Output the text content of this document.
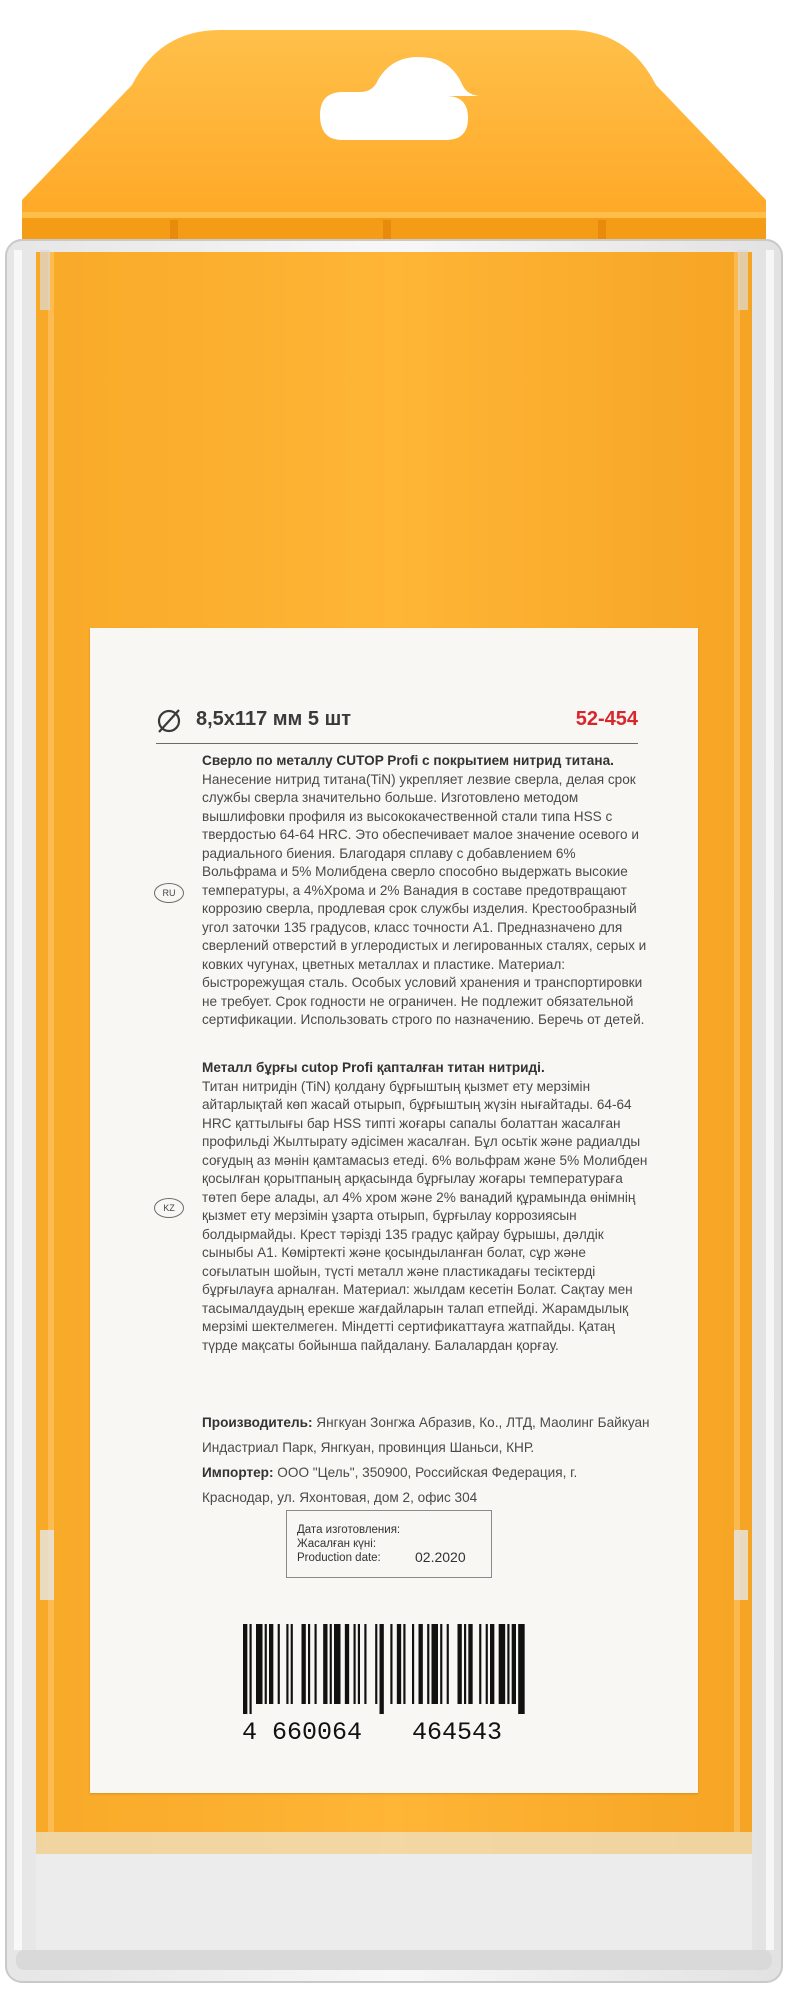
8,5x117 мм 5 шт	52-454
RU

Сверло по металлу CUTOP Profi с покрытием нитрид титана.
Нанесение нитрид титана(TiN) укрепляет лезвие сверла, делая срок службы сверла значительно больше. Изготовлено методом вышлифовки профиля из высококачественной стали типа HSS с твердостью 64-64 HRC. Это обеспечивает малое значение осевого и радиального биения. Благодаря сплаву с добавлением 6% Вольфрама и 5% Молибдена сверло способно выдержать высокие температуры, а 4%Хрома и 2% Ванадия в составе предотвращают коррозию сверла, продлевая срок службы изделия. Крестообразный угол заточки 135 градусов, класс точности А1. Предназначено для сверлений отверстий в углеродистых и легированных сталях, серых и ковких чугунах, цветных металлах и пластике. Материал: быстрорежущая сталь. Особых условий хранения и транспортировки не требует. Срок годности не ограничен. Не подлежит обязательной сертификации. Использовать строго по назначению. Беречь от детей.

KZ

Металл бұрғы cutop Profi қапталған титан нитриді.
Титан нитридін (TiN) қолдану бұрғыштың қызмет ету мерзімін айтарлықтай көп жасай отырып, бұрғыштың жүзін нығайтады. 64-64 HRC қаттылығы бар HSS типті жоғары сапалы болаттан жасалған профильді Жылтырату әдісімен жасалған. Бұл осьтік және радиалды соғудың аз мәнін қамтамасыз етеді. 6% вольфрам және 5% Молибден қосылған қорытпаның арқасында бұрғылау жоғары температураға төтеп бере алады, ал 4% хром және 2% ванадий құрамында өнімнің қызмет ету мерзімін ұзарта отырып, бұрғылау коррозиясын болдырмайды. Крест тәрізді 135 градус қайрау бұрышы, дәлдік сыныбы А1. Көміртекті және қосындыланған болат, сұр және соғылатын шойын, түсті металл және пластикадағы тесіктерді бұрғылауға арналған. Материал: жылдам кесетін Болат. Сақтау мен тасымалдаудың ерекше жағдайларын талап етпейді. Жарамдылық мерзімі шектелмеген. Міндетті сертификаттауға жатпайды. Қатаң түрде мақсаты бойынша пайдалану. Балалардан қорғау.

Производитель: Янгкуан Зонгжа Абразив, Ко., ЛТД, Маолинг Байкуан Индастриал Парк, Янгкуан, провинция Шаньси, КНР.
Импортер: ООО "Цель", 350900, Российская Федерация, г. Краснодар, ул. Яхонтовая, дом 2, офис 304
Дата изготовления:
Жасалған күні:
Production date:	02.2020
4 660064 464543
